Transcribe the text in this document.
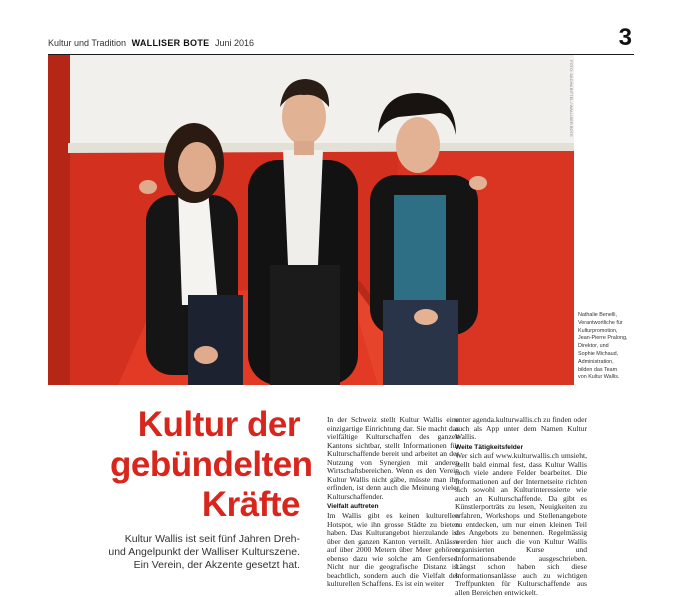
Kultur und Tradition WALLISER BOTE Juni 2016	3
FOTO: SACHA BITTEL / WALLISER BOTE
Nathalie Benelli,
Verantwortliche für
Kulturpromotion,
Jean-Pierre Pralong,
Direktor, und
Sophie Michaud,
Administration,
bilden das Team
von Kultur Wallis.
Kultur der
gebündelten
Kräfte
Kultur Wallis ist seit fünf Jahren Dreh-
und Angelpunkt der Walliser Kulturszene.
Ein Verein, der Akzente gesetzt hat.

In der Schweiz stellt Kultur Wallis eine einzigartige Einrichtung dar. Sie macht das vielfältige Kulturschaffen des ganzen Kantons sichtbar, stellt Informationen für Kulturschaffende bereit und arbeitet an der Nutzung von Synergien mit anderen Wirtschaftsbereichen. Wenn es den Verein Kultur Wallis nicht gäbe, müsste man ihn erfinden, ist denn auch die Meinung vieler Kulturschaffender.

Vielfalt auftreten

Im Wallis gibt es keinen kulturellen Hotspot, wie ihn grosse Städte zu bieten haben. Das Kulturangebot hierzulande ist über den ganzen Kanton verteilt. Anlässe auf über 2000 Metern über Meer gehören ebenso dazu wie solche am Genfersee. Nicht nur die geografische Distanz ist beachtlich, sondern auch die Vielfalt des kulturellen Schaffens. Es ist ein weiter

unter agenda.kulturwallis.ch zu finden oder auch als App unter dem Namen Kultur Wallis.

Weite Tätigkeitsfelder

Wer sich auf www.kulturwallis.ch umsieht, stellt bald einmal fest, dass Kultur Wallis noch viele andere Felder bearbeitet. Die Informationen auf der Internetseite richten sich sowohl an Kulturinteressierte wie auch an Kulturschaffende. Da gibt es Künstlerporträts zu lesen, Neuigkeiten zu erfahren, Workshops und Stellenangebote zu entdecken, um nur einen kleinen Teil des Angebots zu benennen. Regelmässig werden hier auch die von Kultur Wallis organisierten Kurse und Informationsabende ausgeschrieben. Längst schon haben sich diese Informationsanlässe auch zu wichtigen Treffpunkten für Kulturschaffende aus allen Bereichen entwickelt.
